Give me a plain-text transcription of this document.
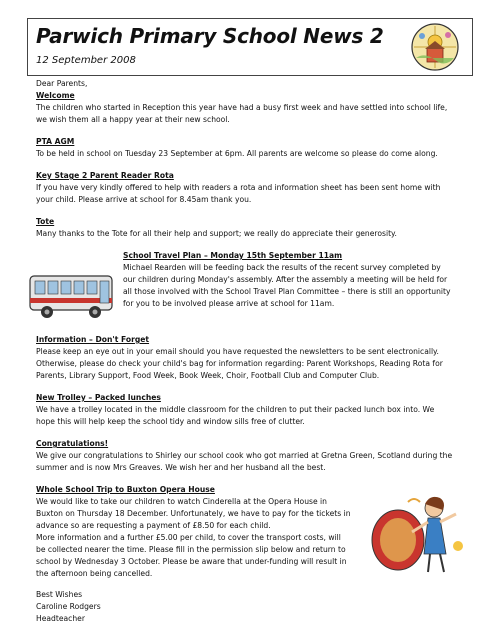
Parwich Primary School News 2
12 September 2008
Dear Parents,
Welcome
The children who started in Reception this year have had a busy first week and have settled into school life,
we wish them all a happy year at their new school.
PTA AGM
To be held in school on Tuesday 23 September at 6pm. All parents are welcome so please do come along.
Key Stage 2 Parent Reader Rota
If you have very kindly offered to help with readers a rota and information sheet has been sent home with
your child. Please arrive at school for 8.45am thank you.
Tote
Many thanks to the Tote for all their help and support; we really do appreciate their generosity.
School Travel Plan – Monday 15th September 11am
Michael Rearden will be feeding back the results of the recent survey completed by
our children during Monday's assembly. After the assembly a meeting will be held for
all those involved with the School Travel Plan Committee – there is still an opportunity
for you to be involved please arrive at school for 11am.
Information – Don't Forget
Please keep an eye out in your email should you have requested the newsletters to be sent electronically.
Otherwise, please do check your child's bag for information regarding: Parent Workshops, Reading Rota for
Parents, Library Support, Food Week, Book Week, Choir, Football Club and Computer Club.
New Trolley – Packed lunches
We have a trolley located in the middle classroom for the children to put their packed lunch box into. We
hope this will help keep the school tidy and window sills free of clutter.
Congratulations!
We give our congratulations to Shirley our school cook who got married at Gretna Green, Scotland during the
summer and is now Mrs Greaves. We wish her and her husband all the best.
Whole School Trip to Buxton Opera House
We would like to take our children to watch Cinderella at the Opera House in
Buxton on Thursday 18 December. Unfortunately, we have to pay for the tickets in
advance so are requesting a payment of £8.50 for each child.
More information and a further £5.00 per child, to cover the transport costs, will
be collected nearer the time. Please fill in the permission slip below and return to
school by Wednesday 3 October. Please be aware that under-funding will result in
the afternoon being cancelled.
Best Wishes
Caroline Rodgers
Headteacher
